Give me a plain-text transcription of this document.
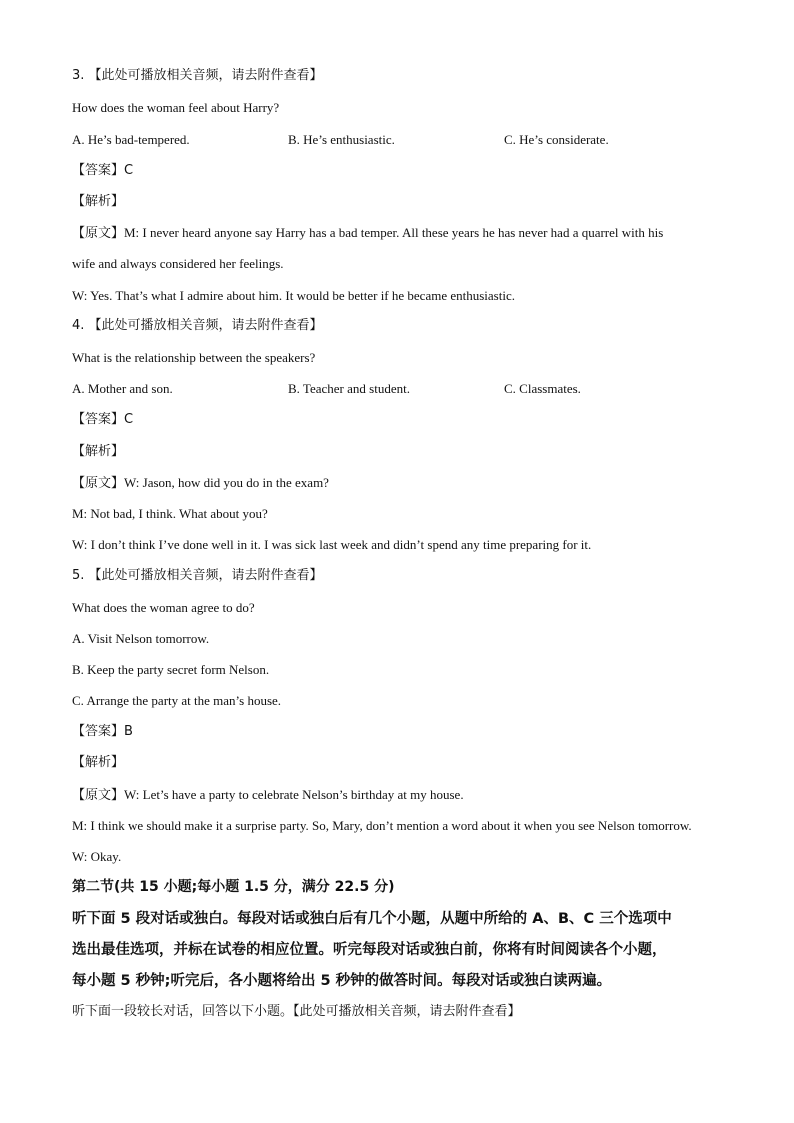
3. 【此处可播放相关音频，请去附件查看】
How does the woman feel about Harry?
A. He’s bad-tempered.	B. He’s enthusiastic.	C. He’s considerate.
【答案】C
【解析】
【原文】M: I never heard anyone say Harry has a bad temper. All these years he has never had a quarrel with his
wife and always considered her feelings.
W: Yes. That’s what I admire about him. It would be better if he became enthusiastic.
4. 【此处可播放相关音频，请去附件查看】
What is the relationship between the speakers?
A. Mother and son.	B. Teacher and student.	C. Classmates.
【答案】C
【解析】
【原文】W: Jason, how did you do in the exam?
M: Not bad, I think. What about you?
W: I don’t think I’ve done well in it. I was sick last week and didn’t spend any time preparing for it.
5. 【此处可播放相关音频，请去附件查看】
What does the woman agree to do?
A. Visit Nelson tomorrow.
B. Keep the party secret form Nelson.
C. Arrange the party at the man’s house.
【答案】B
【解析】
【原文】W: Let’s have a party to celebrate Nelson’s birthday at my house.
M: I think we should make it a surprise party. So, Mary, don’t mention a word about it when you see Nelson tomorrow.
W: Okay.
第二节(共 15 小题;每小题 1.5 分，满分 22.5 分)
听下面 5 段对话或独白。每段对话或独白后有几个小题，从题中所给的 A、B、C 三个选项中
选出最佳选项，并标在试卷的相应位置。听完每段对话或独白前，你将有时间阅读各个小题，
每小题 5 秒钟;听完后，各小题将给出 5 秒钟的做答时间。每段对话或独白读两遍。
听下面一段较长对话，回答以下小题。【此处可播放相关音频，请去附件查看】
